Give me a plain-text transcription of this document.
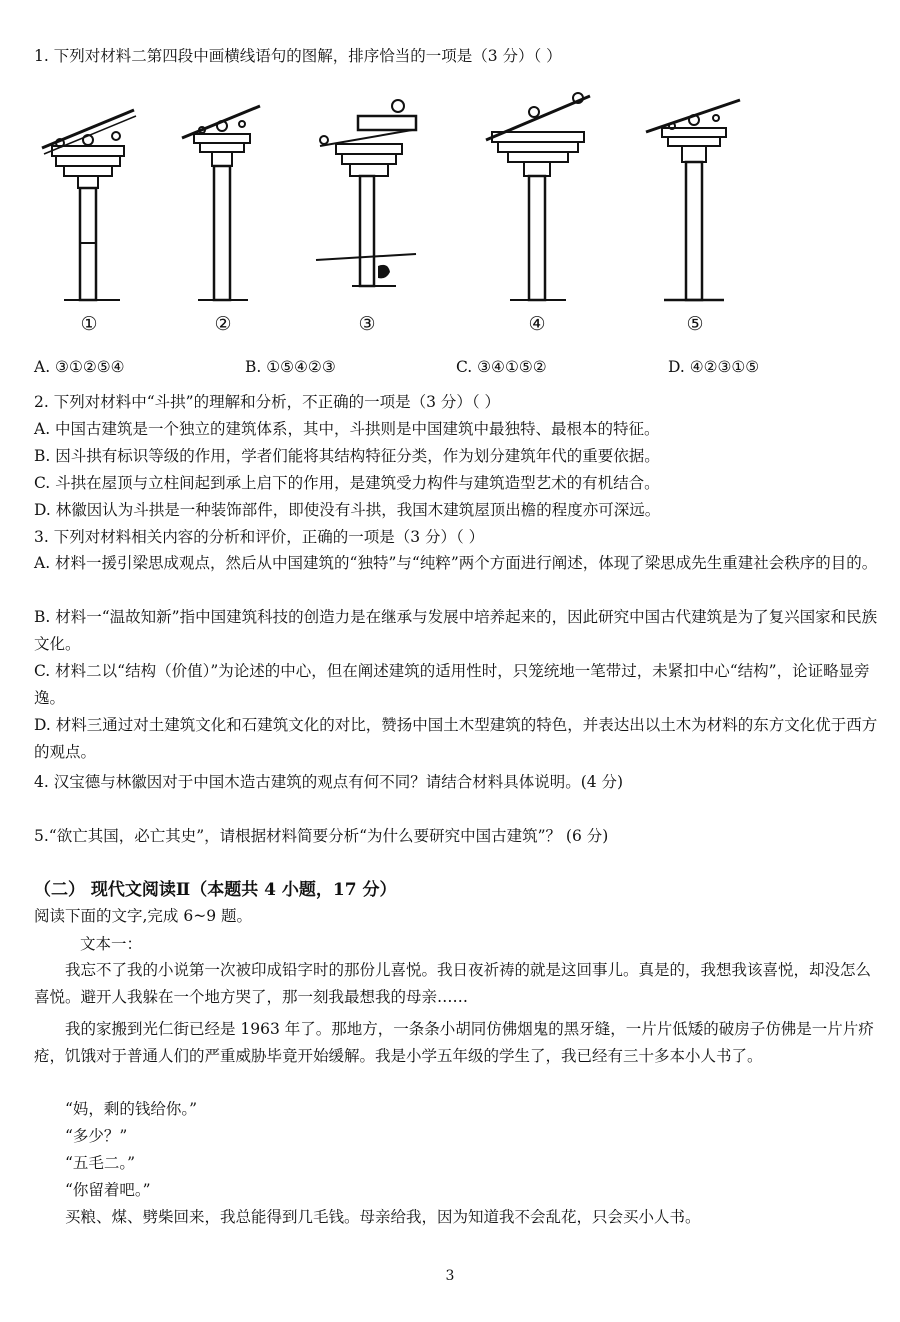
1. 下列对材料二第四段中画横线语句的图解，排序恰当的一项是（3 分）（ ）
①	②	③	④	⑤
A. ③①②⑤④	B. ①⑤④②③	C. ③④①⑤②	D. ④②③①⑤
2. 下列对材料中“斗拱”的理解和分析，不正确的一项是（3 分）（ ）
A. 中国古建筑是一个独立的建筑体系，其中，斗拱则是中国建筑中最独特、最根本的特征。
B. 因斗拱有标识等级的作用，学者们能将其结构特征分类，作为划分建筑年代的重要依据。
C. 斗拱在屋顶与立柱间起到承上启下的作用，是建筑受力构件与建筑造型艺术的有机结合。
D. 林徽因认为斗拱是一种装饰部件，即使没有斗拱，我国木建筑屋顶出檐的程度亦可深远。
3. 下列对材料相关内容的分析和评价，正确的一项是（3 分）（ ）
A. 材料一援引梁思成观点，然后从中国建筑的“独特”与“纯粹”两个方面进行阐述，体现了梁思成先生重建社会秩序的目的。
B. 材料一“温故知新”指中国建筑科技的创造力是在继承与发展中培养起来的，因此研究中国古代建筑是为了复兴国家和民族文化。
C. 材料二以“结构（价值）”为论述的中心，但在阐述建筑的适用性时，只笼统地一笔带过，未紧扣中心“结构”，论证略显旁逸。
D. 材料三通过对土建筑文化和石建筑文化的对比，赞扬中国土木型建筑的特色，并表达出以土木为材料的东方文化优于西方的观点。
4. 汉宝德与林徽因对于中国木造古建筑的观点有何不同？请结合材料具体说明。(4 分)
5.“欲亡其国，必亡其史”，请根据材料简要分析“为什么要研究中国古建筑”？ (6 分)
（二） 现代文阅读Ⅱ（本题共 4 小题，17 分）
阅读下面的文字,完成 6~9 题。
文本一：
我忘不了我的小说第一次被印成铅字时的那份儿喜悦。我日夜祈祷的就是这回事儿。真是的，我想我该喜悦，却没怎么喜悦。避开人我躲在一个地方哭了，那一刻我最想我的母亲……
我的家搬到光仁街已经是 1963 年了。那地方，一条条小胡同仿佛烟鬼的黑牙缝，一片片低矮的破房子仿佛是一片片疥疮，饥饿对于普通人们的严重威胁毕竟开始缓解。我是小学五年级的学生了，我已经有三十多本小人书了。
“妈，剩的钱给你。”
“多少？”
“五毛二。”
“你留着吧。”
买粮、煤、劈柴回来，我总能得到几毛钱。母亲给我，因为知道我不会乱花，只会买小人书。
3
